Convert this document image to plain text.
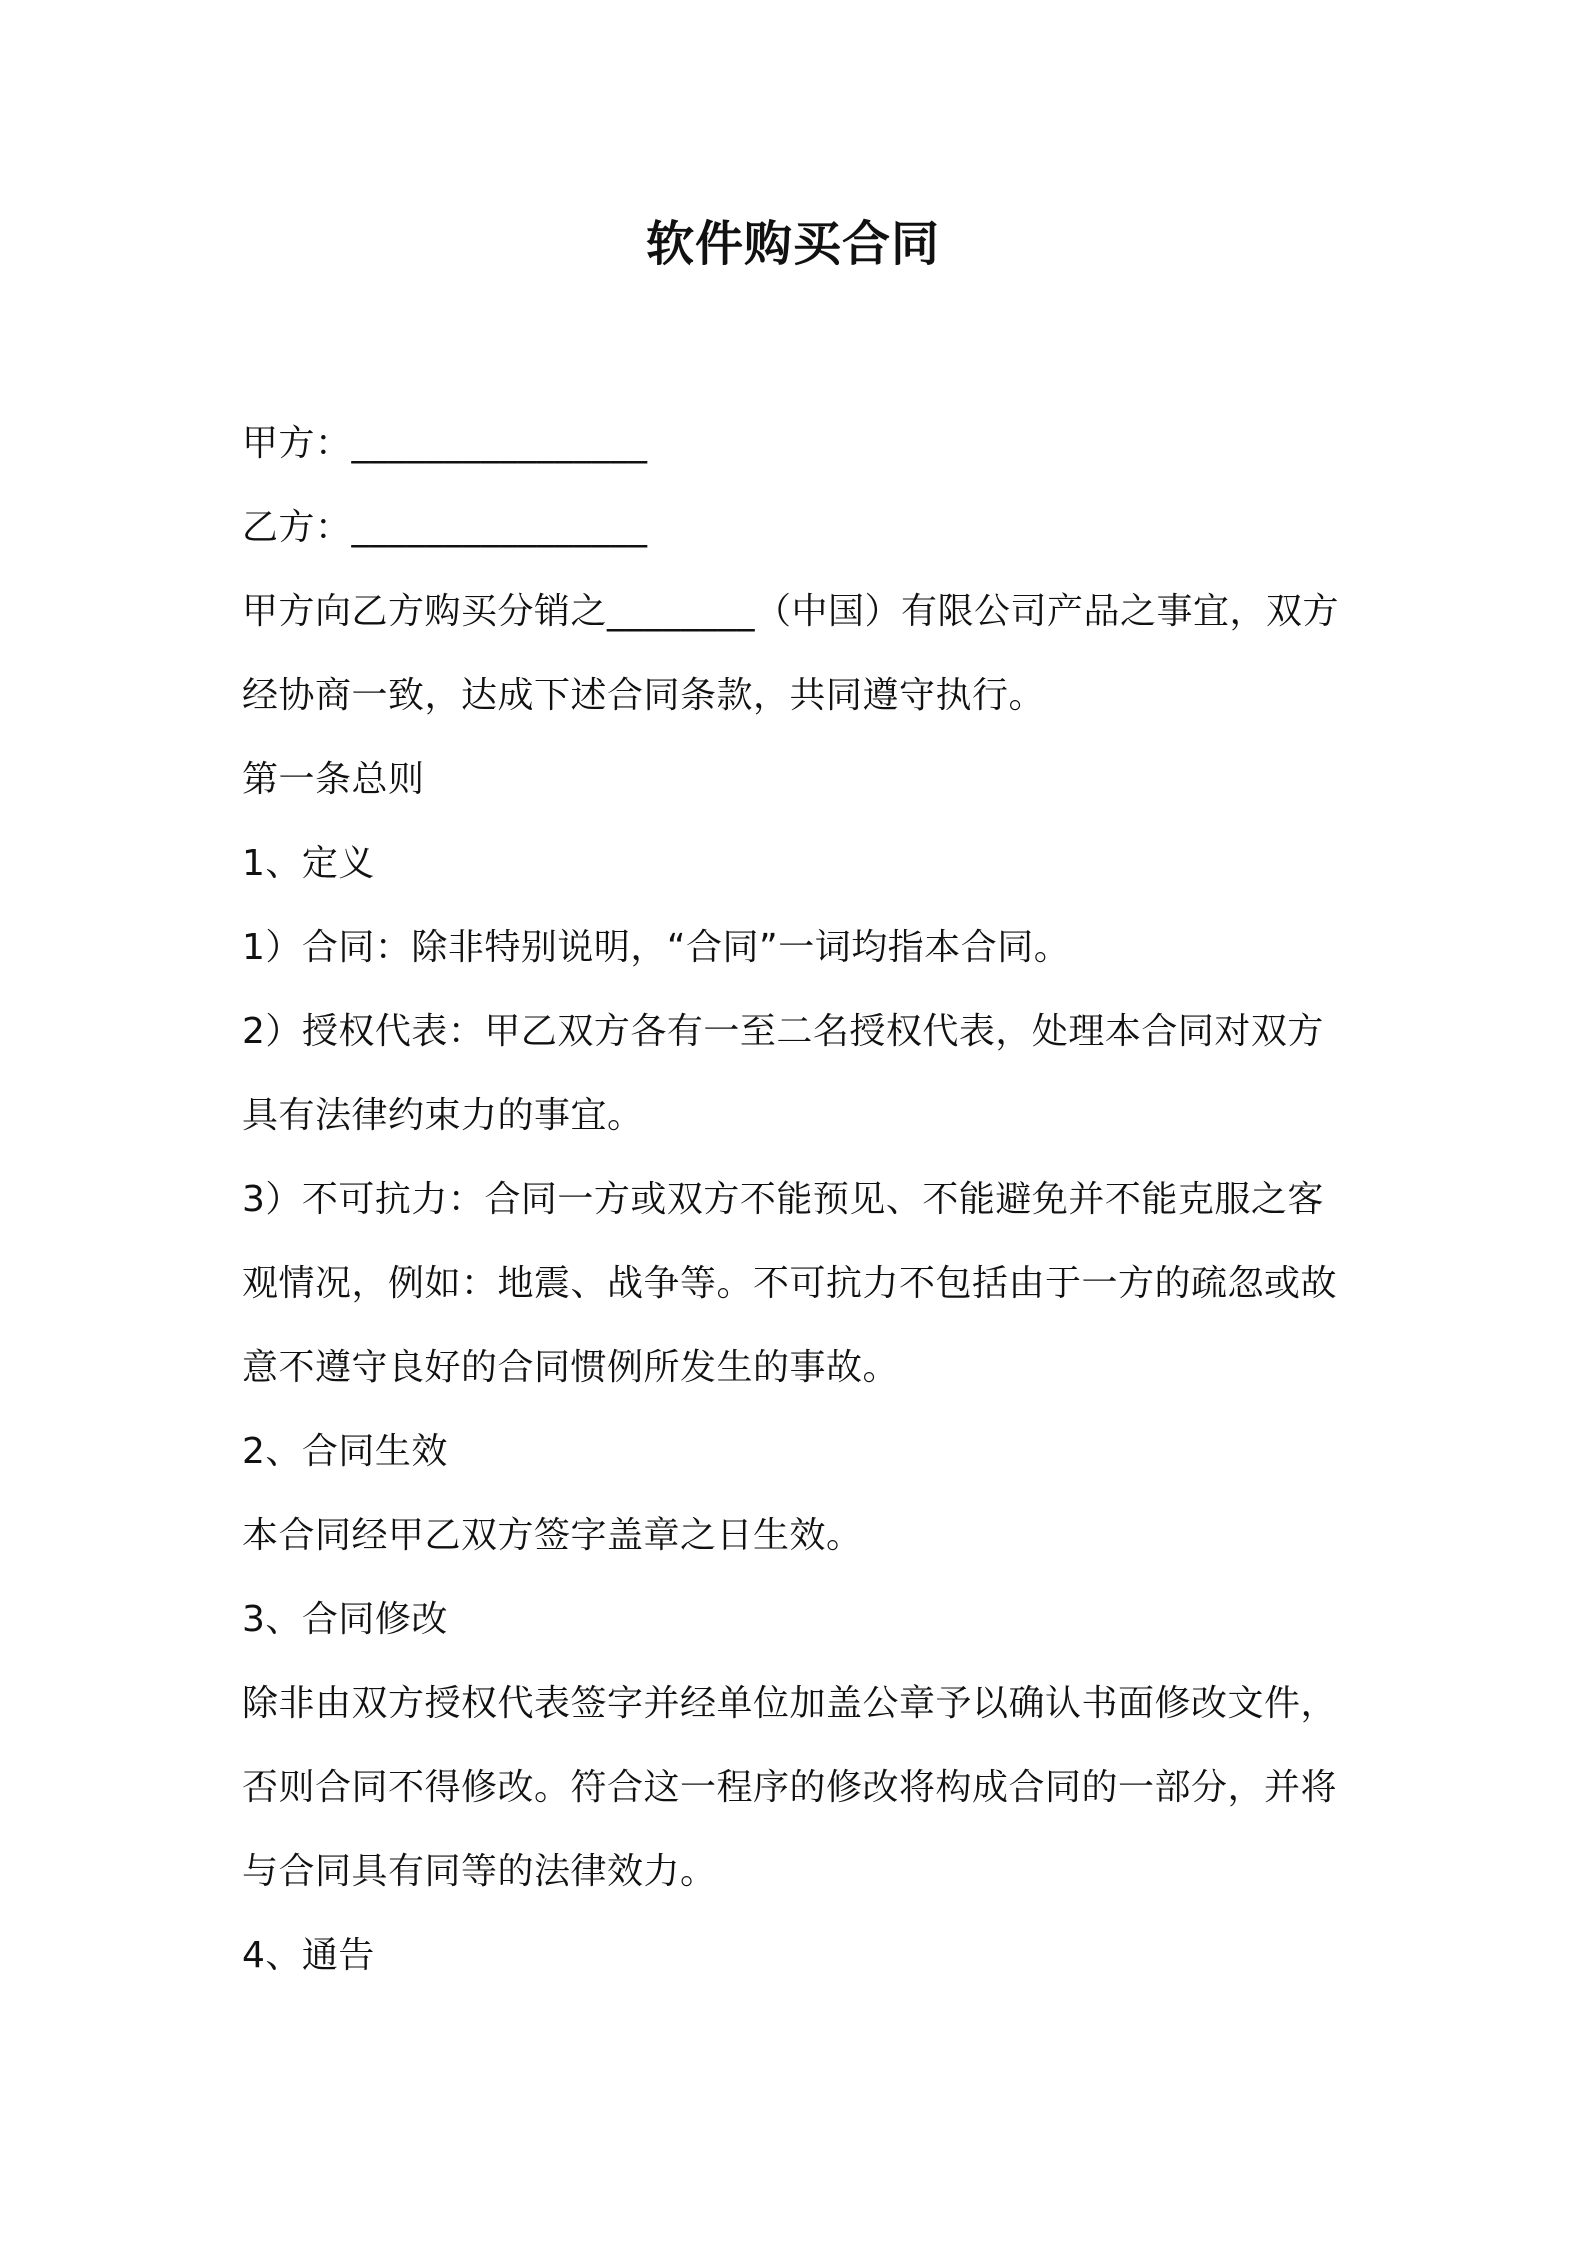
软件购买合同
甲方：________________
乙方：________________
甲方向乙方购买分销之________（中国）有限公司产品之事宜，双方
经协商一致，达成下述合同条款，共同遵守执行。
第一条总则
1、定义
1）合同：除非特别说明，“合同”一词均指本合同。
2）授权代表：甲乙双方各有一至二名授权代表，处理本合同对双方
具有法律约束力的事宜。
3）不可抗力：合同一方或双方不能预见、不能避免并不能克服之客
观情况，例如：地震、战争等。不可抗力不包括由于一方的疏忽或故
意不遵守良好的合同惯例所发生的事故。
2、合同生效
本合同经甲乙双方签字盖章之日生效。
3、合同修改
除非由双方授权代表签字并经单位加盖公章予以确认书面修改文件，
否则合同不得修改。符合这一程序的修改将构成合同的一部分，并将
与合同具有同等的法律效力。
4、通告
